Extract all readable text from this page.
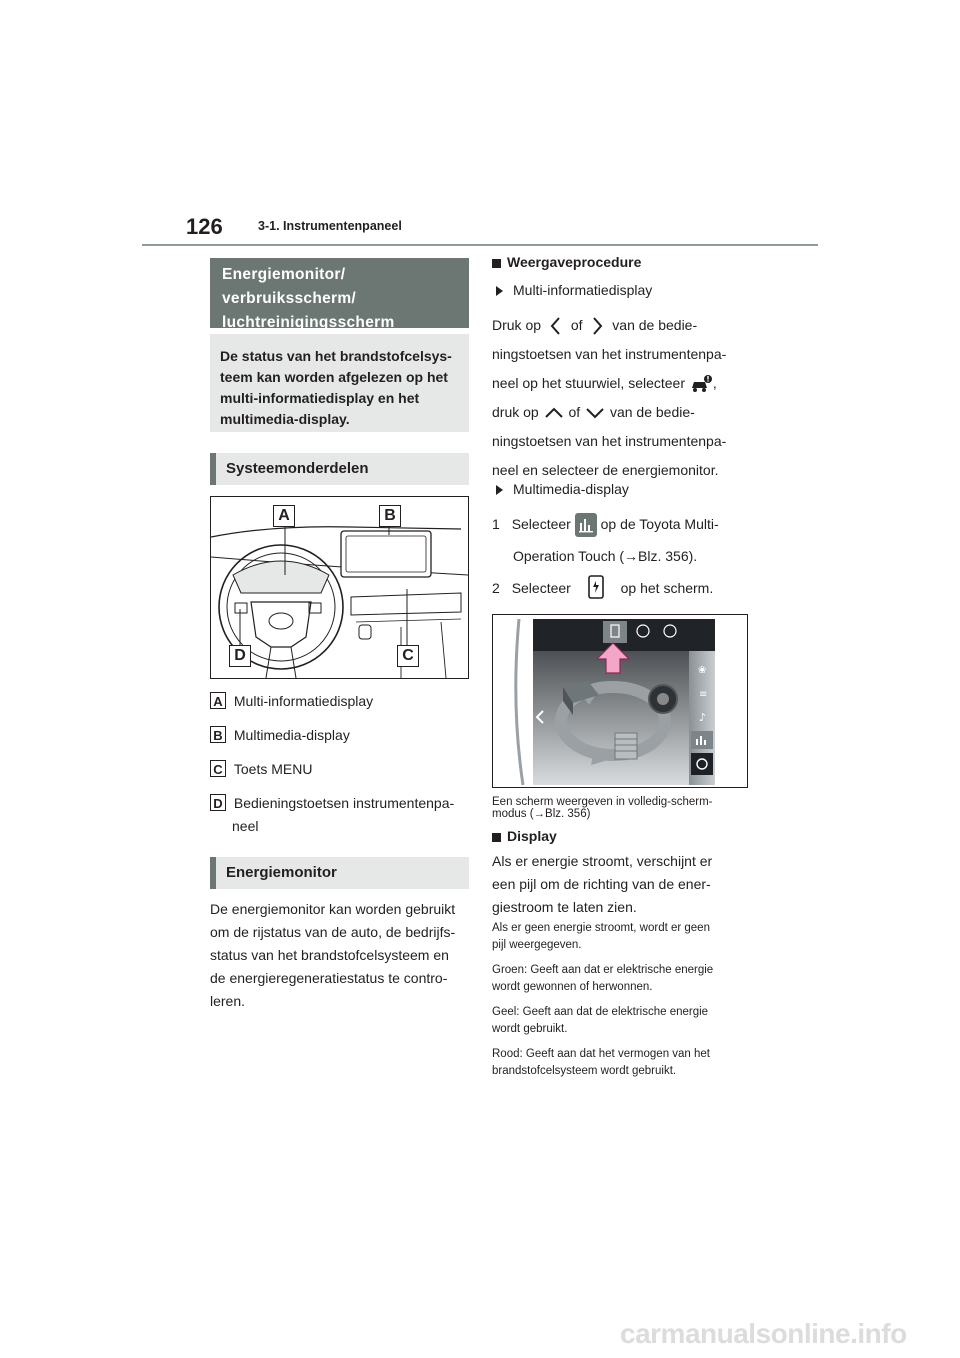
126	3-1. Instrumentenpaneel
Energiemonitor/
verbruiksscherm/
luchtreinigingsscherm
De status van het brandstofcelsys-
teem kan worden afgelezen op het
multi-informatiedisplay en het
multimedia-display.
Systeemonderdelen
A	B
C
D
A Multi-informatiedisplay
B Multimedia-display
C Toets MENU
D Bedieningstoetsen instrumentenpa-
neel
Energiemonitor
De energiemonitor kan worden gebruikt
om de rijstatus van de auto, de bedrijfs-
status van het brandstofcelsysteem en
de energieregeneratiestatus te contro-
leren.
Weergaveprocedure
Multi-informatiedisplay
Druk op of van de bedie-
ningstoetsen van het instrumentenpa-
neel op het stuurwiel, selecteer ,
druk op of van de bedie-
ningstoetsen van het instrumentenpa-
neel en selecteer de energiemonitor.
Multimedia-display
1 Selecteer op de Toyota Multi-
Operation Touch (→Blz. 356).
2 Selecteer	op het scherm.
❀
≡
♪
Een scherm weergeven in volledig-scherm-
modus (→Blz. 356)
Display
Als er energie stroomt, verschijnt er
een pijl om de richting van de ener-
giestroom te laten zien.
Als er geen energie stroomt, wordt er geen
pijl weergegeven.
Groen: Geeft aan dat er elektrische energie
wordt gewonnen of herwonnen.
Geel: Geeft aan dat de elektrische energie
wordt gebruikt.
Rood: Geeft aan dat het vermogen van het
brandstofcelsysteem wordt gebruikt.
carmanualsonline.info
